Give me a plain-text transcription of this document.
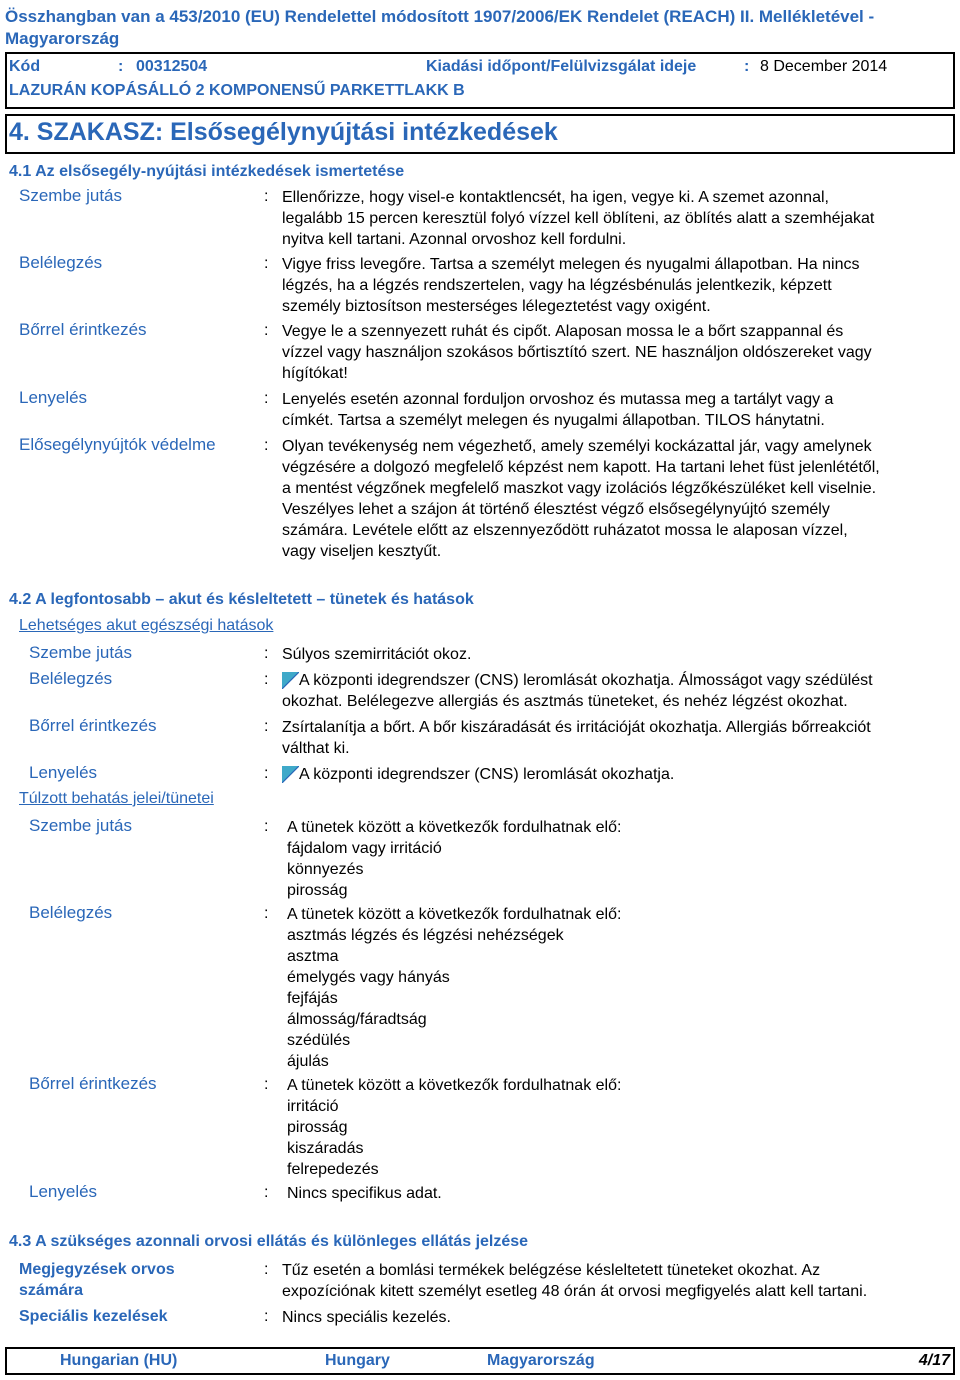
Összhangban van a 453/2010 (EU) Rendelettel módosított 1907/2006/EK Rendelet (REACH) II. Mellékletével - Magyarország
Kód	: 00312504	Kiadási időpont/Felülvizsgálat ideje	: 8 December 2014
LAZURÁN KOPÁSÁLLÓ 2 KOMPONENSŰ PARKETTLAKK B
4. SZAKASZ: Elsősegélynyújtási intézkedések
4.1 Az elsősegély-nyújtási intézkedések ismertetése
Szembe jutás	: Ellenőrizze, hogy visel-e kontaktlencsét, ha igen, vegye ki. A szemet azonnal,
legalább 15 percen keresztül folyó vízzel kell öblíteni, az öblítés alatt a szemhéjakat
nyitva kell tartani. Azonnal orvoshoz kell fordulni.
Belélegzés	: Vigye friss levegőre. Tartsa a személyt melegen és nyugalmi állapotban. Ha nincs
légzés, ha a légzés rendszertelen, vagy ha légzésbénulás jelentkezik, képzett
személy biztosítson mesterséges lélegeztetést vagy oxigént.
Bőrrel érintkezés	: Vegye le a szennyezett ruhát és cipőt. Alaposan mossa le a bőrt szappannal és
vízzel vagy használjon szokásos bőrtisztító szert. NE használjon oldószereket vagy
hígítókat!
Lenyelés	: Lenyelés esetén azonnal forduljon orvoshoz és mutassa meg a tartályt vagy a
címkét. Tartsa a személyt melegen és nyugalmi állapotban. TILOS hánytatni.
Elősegélynyújtók védelme	: Olyan tevékenység nem végezhető, amely személyi kockázattal jár, vagy amelynek
végzésére a dolgozó megfelelő képzést nem kapott. Ha tartani lehet füst jelenlététől,
a mentést végzőnek megfelelő maszkot vagy izolációs légzőkészüléket kell viselnie.
Veszélyes lehet a szájon át történő élesztést végző elsősegélynyújtó személy
számára. Levétele előtt az elszennyeződött ruházatot mossa le alaposan vízzel,
vagy viseljen kesztyűt.
4.2 A legfontosabb – akut és késleltetett – tünetek és hatások
Lehetséges akut egészségi hatások
Szembe jutás	: Súlyos szemirritációt okoz.
Belélegzés	:	A központi idegrendszer (CNS) leromlását okozhatja. Álmosságot vagy szédülést
okozhat. Belélegezve allergiás és asztmás tüneteket, és nehéz légzést okozhat.
Bőrrel érintkezés	: Zsírtalanítja a bőrt. A bőr kiszáradását és irritációját okozhatja. Allergiás bőrreakciót
válthat ki.
Lenyelés	:	A központi idegrendszer (CNS) leromlását okozhatja.
Túlzott behatás jelei/tünetei
Szembe jutás	: A tünetek között a következők fordulhatnak elő:
fájdalom vagy irritáció
könnyezés
pirosság
Belélegzés	: A tünetek között a következők fordulhatnak elő:
asztmás légzés és légzési nehézségek
asztma
émelygés vagy hányás
fejfájás
álmosság/fáradtság
szédülés
ájulás
Bőrrel érintkezés	: A tünetek között a következők fordulhatnak elő:
irritáció
pirosság
kiszáradás
felrepedezés
Lenyelés	: Nincs specifikus adat.
4.3 A szükséges azonnali orvosi ellátás és különleges ellátás jelzése
Megjegyzések orvos
számára
: Tűz esetén a bomlási termékek belégzése késleltetett tüneteket okozhat. Az
expozíciónak kitett személyt esetleg 48 órán át orvosi megfigyelés alatt kell tartani.
Speciális kezelések	: Nincs speciális kezelés.
Hungarian (HU)	Hungary	Magyarország	4/17
